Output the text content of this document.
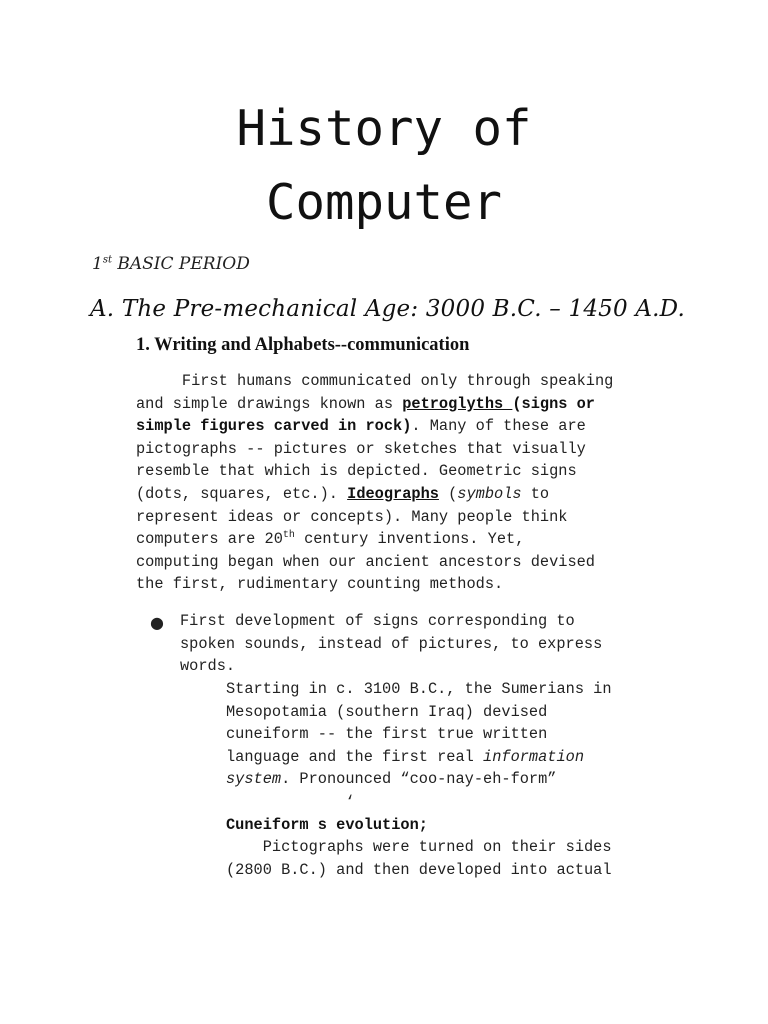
History of
Computer
1st BASIC PERIOD
A. The Pre-mechanical Age: 3000 B.C. – 1450 A.D.
1. Writing and Alphabets--communication
First humans communicated only through speaking
and simple drawings known as petroglyths (signs or
simple figures carved in rock). Many of these are
pictographs -- pictures or sketches that visually
resemble that which is depicted. Geometric signs
(dots, squares, etc.). Ideographs (symbols to
represent ideas or concepts). Many people think
computers are 20th century inventions. Yet,
computing began when our ancient ancestors devised
the first, rudimentary counting methods.
● First development of signs corresponding to
spoken sounds, instead of pictures, to express
words.
Starting in c. 3100 B.C., the Sumerians in
Mesopotamia (southern Iraq) devised
cuneiform -- the first true written
language and the first real information
system. Pronounced “coo-nay-eh-form”
‘
Cuneiform s evolution;
Pictographs were turned on their sides
(2800 B.C.) and then developed into actual
